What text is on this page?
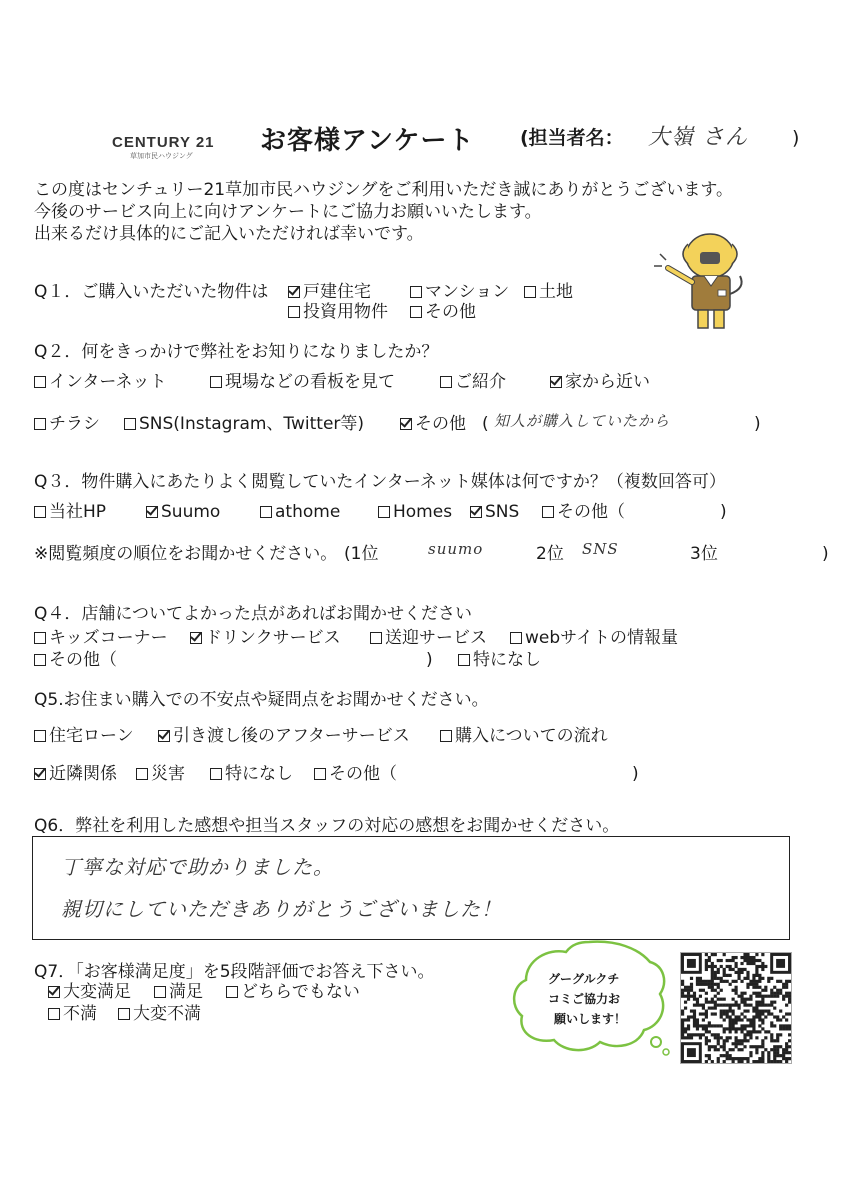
CENTURY 21
草加市民ハウジング	お客様アンケート (担当者名： 大嶺 さん )
この度はセンチュリー21草加市民ハウジングをご利用いただき誠にありがとうございます。
今後のサービス向上に向けアンケートにご協力お願いいたします。
出来るだけ具体的にご記入いただければ幸いです。
Q１．ご購入いただいた物件は	戸建住宅	マンション	土地
投資用物件	その他
Q２．何をきっかけで弊社をお知りになりましたか？
インターネット	現場などの看板を見て	ご紹介	家から近い
チラシ	SNS(Instagram、Twitter等)	その他 ( 知人が購入していたから	)
Q３．物件購入にあたりよく閲覧していたインターネット媒体は何ですか？（複数回答可）
当社HP	Suumo	athome	Homes	SNS	その他（	)
※閲覧頻度の順位をお聞かせください。 (1位	suumo	2位 SNS	3位	)
Q４．店舗についてよかった点があればお聞かせください
キッズコーナー	ドリンクサービス	送迎サービス	webサイトの情報量
その他（	)	特になし
Q5.お住まい購入での不安点や疑問点をお聞かせください。
住宅ローン	引き渡し後のアフターサービス	購入についての流れ
近隣関係	災害	特になし	その他（	)
Q6．弊社を利用した感想や担当スタッフの対応の感想をお聞かせください。
丁寧な対応で助かりました。
親切にしていただきありがとうございました！
Q7．「お客様満足度」を5段階評価でお答え下さい。
大変満足	満足	どちらでもない
不満	大変不満
グーグルクチ
コミご協力お
願いします！
